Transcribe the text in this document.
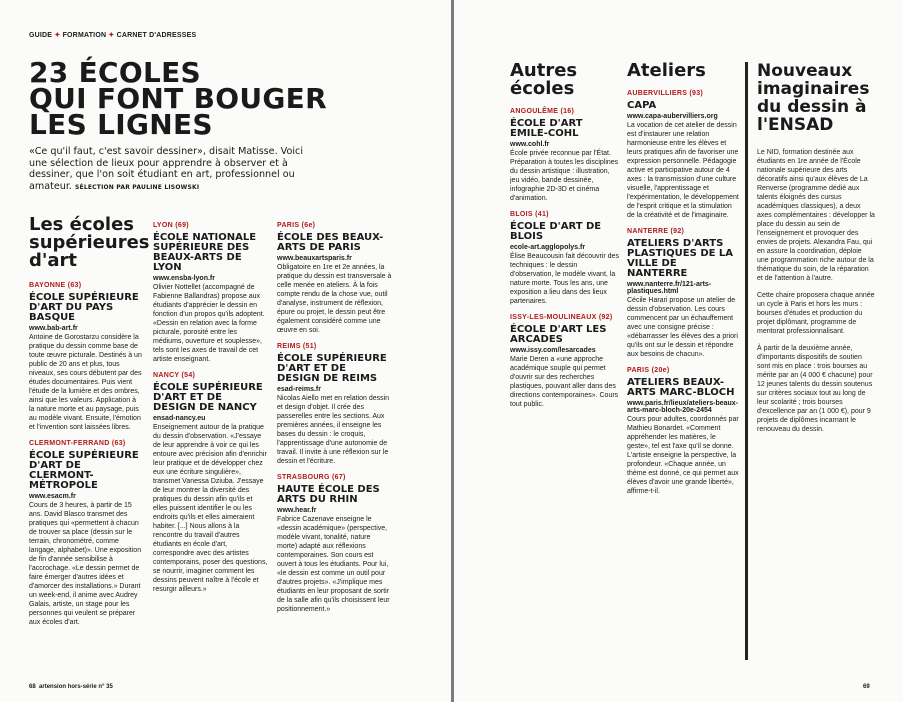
GUIDE ✦ FORMATION ✦ CARNET D'ADRESSES
23 ÉCOLES
QUI FONT BOUGER
LES LIGNES
«Ce qu'il faut, c'est savoir dessiner», disait Matisse. Voici une sélection de lieux pour apprendre à observer et à dessiner, que l'on soit étudiant en art, professionnel ou amateur. SÉLECTION PAR PAULINE LISOWSKI
Les écoles supérieures d'art
BAYONNE (63)
ÉCOLE SUPÉRIEURE D'ART DU PAYS BASQUE
www.bab-art.fr
Antoine de Gorostarzu considère la pratique du dessin comme base de toute œuvre picturale. Destinés à un public de 20 ans et plus, tous niveaux, ses cours débutent par des études documentaires. Puis vient l'étude de la lumière et des ombres, ainsi que les valeurs. Application à la nature morte et au paysage, puis au modèle vivant. Ensuite, l'émotion et l'invention sont laissées libres.
CLERMONT-FERRAND (63)
ÉCOLE SUPÉRIEURE D'ART DE CLERMONT-MÉTROPOLE
www.esacm.fr
Cours de 3 heures, à partir de 15 ans. David Blasco transmet des pratiques qui «permettent à chacun de trouver sa place (dessin sur le terrain, chronométré, comme langage, alphabet)». Une exposition de fin d'année sensibilise à l'accrochage. «Le dessin permet de faire émerger d'autres idées et d'amorcer des installations.» Durant un week-end, il anime avec Audrey Galais, artiste, un stage pour les personnes qui veulent se préparer aux écoles d'art.
LYON (69)
ÉCOLE NATIONALE SUPÉRIEURE DES BEAUX-ARTS DE LYON
www.ensba-lyon.fr
Olivier Nottellet (accompagné de Fabienne Ballandras) propose aux étudiants d'apprécier le dessin en fonction d'un propos qu'ils adoptent. «Dessin en relation avec la forme picturale, porosité entre les médiums, ouverture et souplesse», tels sont les axes de travail de cet artiste enseignant.
NANCY (54)
ÉCOLE SUPÉRIEURE D'ART ET DE DESIGN DE NANCY
ensad-nancy.eu
Enseignement autour de la pratique du dessin d'observation. «J'essaye de leur apprendre à voir ce qui les entoure avec précision afin d'enrichir leur pratique et de développer chez eux une écriture singulière», transmet Vanessa Dziuba. J'essaye de leur montrer la diversité des pratiques du dessin afin qu'ils et elles puissent identifier le ou les endroits qu'ils et elles aimeraient habiter. [...] Nous allons à la rencontre du travail d'autres étudiants en école d'art, correspondre avec des artistes contemporains, poser des questions, se nourrir, imaginer comment les dessins peuvent naître à l'école et resurgir ailleurs.»
PARIS (6e)
ÉCOLE DES BEAUX-ARTS DE PARIS
www.beauxartsparis.fr
Obligatoire en 1re et 2e années, la pratique du dessin est transversale à celle menée en ateliers. À la fois compte rendu de la chose vue, outil d'analyse, instrument de réflexion, épure ou projet, le dessin peut être également considéré comme une œuvre en soi.
REIMS (51)
ÉCOLE SUPÉRIEURE D'ART ET DE DESIGN DE REIMS
esad-reims.fr
Nicolas Aiello met en relation dessin et design d'objet. Il crée des passerelles entre les sections. Aux premières années, il enseigne les bases du dessin : le croquis, l'apprentissage d'une autonomie de travail. Il invite à une réflexion sur le dessin et l'écriture.
STRASBOURG (67)
HAUTE ÉCOLE DES ARTS DU RHIN
www.hear.fr
Fabrice Cazenave enseigne le «dessin académique» (perspective, modèle vivant, tonalité, nature morte) adapté aux réflexions contemporaines. Son cours est ouvert à tous les étudiants. Pour lui, «le dessin est comme un outil pour d'autres projets». «J'implique mes étudiants en leur proposant de sortir de la salle afin qu'ils choisissent leur positionnement.»
68 artension hors-série n° 35
Autres écoles
Ateliers
ANGOULÊME (16)
ÉCOLE D'ART EMILE-COHL
www.cohl.fr
École privée reconnue par l'État. Préparation à toutes les disciplines du dessin artistique : illustration, jeu vidéo, bande dessinée, infographie 2D-3D et cinéma d'animation.
BLOIS (41)
ÉCOLE D'ART DE BLOIS
ecole-art.agglopolys.fr
Élise Beaucousin fait découvrir des techniques : le dessin d'observation, le modèle vivant, la nature morte. Tous les ans, une exposition a lieu dans des lieux partenaires.
ISSY-LES-MOULINEAUX (92)
ÉCOLE D'ART LES ARCADES
www.issy.com/lesarcades
Marie Deren a «une approche académique souple qui permet d'ouvrir sur des recherches plastiques, pouvant aller dans des directions contemporaines». Cours tout public.
AUBERVILLIERS (93)
CAPA
www.capa-aubervilliers.org
La vocation de cet atelier de dessin est d'instaurer une relation harmonieuse entre les élèves et leurs pratiques afin de favoriser une expression personnelle. Pédagogie active et participative autour de 4 axes : la transmission d'une culture visuelle, l'apprentissage et l'expérimentation, le développement de l'esprit critique et la stimulation de la créativité et de l'imaginaire.
NANTERRE (92)
ATELIERS D'ARTS PLASTIQUES DE LA VILLE DE NANTERRE
www.nanterre.fr/121-arts-plastiques.html
Cécile Harari propose un atelier de dessin d'observation. Les cours commencent par un échauffement avec une consigne précise : «débarrasser les élèves des a priori qu'ils ont sur le dessin et répondre aux besoins de chacun».
PARIS (20e)
ATELIERS BEAUX-ARTS MARC-BLOCH
www.paris.fr/lieux/ateliers-beaux-arts-marc-bloch-20e-2454
Cours pour adultes, coordonnés par Mathieu Bonardet. «Comment appréhender les matières, le geste», tel est l'axe qu'il se donne. L'artiste enseigne la perspective, la profondeur. «Chaque année, un thème est donné, ce qui permet aux élèves d'avoir une grande liberté», affirme-t-il.
Nouveaux imaginaires du dessin à l'ENSAD

Le NID, formation destinée aux étudiants en 1re année de l'École nationale supérieure des arts décoratifs ainsi qu'aux élèves de La Renverse (programme dédié aux talents éloignés des cursus académiques classiques), a deux axes complémentaires : développer la place du dessin au sein de l'enseignement et provoquer des envies de projets. Alexandra Fau, qui en assure la coordination, déploie une programmation riche autour de la thématique du soin, de la réparation et de l'attention à l'autre.

Cette chaire proposera chaque année un cycle à Paris et hors les murs : bourses d'études et production du projet diplômant, programme de mentorat professionnalisant.

À partir de la deuxième année, d'importants dispositifs de soutien sont mis en place : trois bourses au mérite par an (4 000 € chacune) pour 12 jeunes talents du dessin soutenus sur critères sociaux tout au long de leur scolarité ; trois bourses d'excellence par an (1 000 €), pour 9 projets de diplômes incarnant le renouveau du dessin.

69
